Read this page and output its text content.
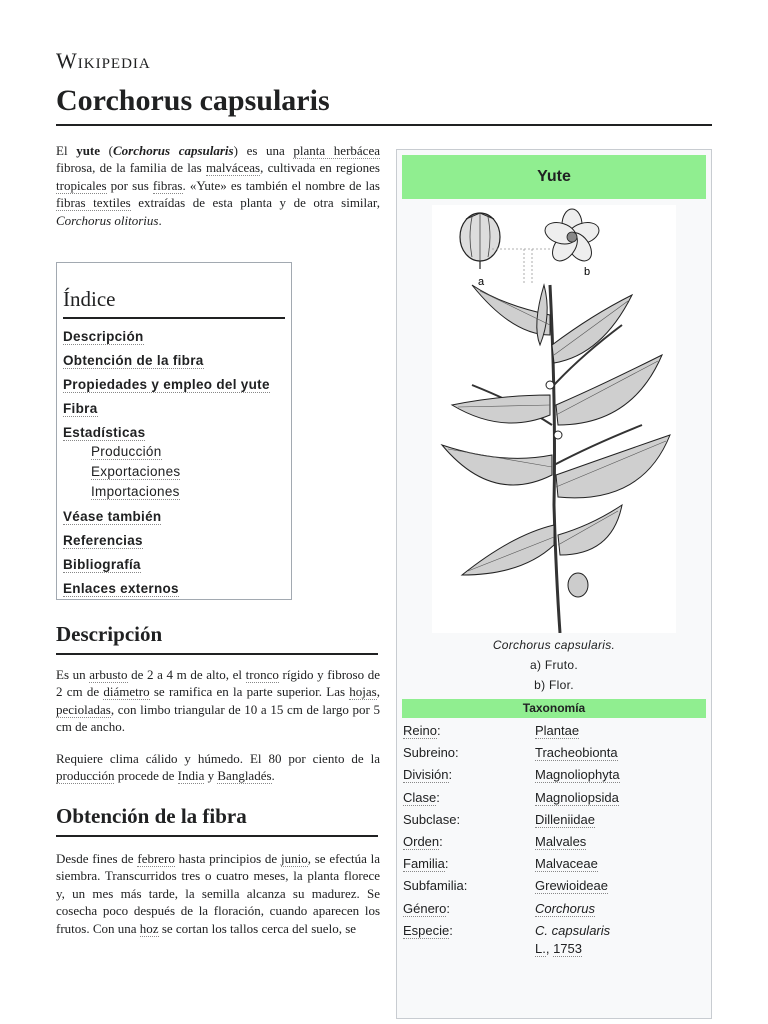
Wikipedia
Corchorus capsularis

El yute (Corchorus capsularis) es una planta herbácea fibrosa, de la familia de las malváceas, cultivada en regiones tropicales por sus fibras. «Yute» es también el nombre de las fibras textiles extraídas de esta planta y de otra similar, Corchorus olitorius.

Índice
Descripción
Obtención de la fibra
Propiedades y empleo del yute
Fibra
Estadísticas
Producción
Exportaciones
Importaciones
Véase también
Referencias
Bibliografía
Enlaces externos
Descripción

Es un arbusto de 2 a 4 m de alto, el tronco rígido y fibroso de 2 cm de diámetro se ramifica en la parte superior. Las hojas, pecioladas, con limbo triangular de 10 a 15 cm de largo por 5 cm de ancho.

Requiere clima cálido y húmedo. El 80 por ciento de la producción procede de India y Bangladés.

Obtención de la fibra

Desde fines de febrero hasta principios de junio, se efectúa la siembra. Transcurridos tres o cuatro meses, la planta florece y, un mes más tarde, la semilla alcanza su madurez. Se cosecha poco después de la floración, cuando aparecen los frutos. Con una hoz se cortan los tallos cerca del suelo, se

Yute
a
b
Corchorus capsularis.
a) Fruto.
b) Flor.
Taxonomía
Reino:	Plantae
Subreino:	Tracheobionta
División:	Magnoliophyta
Clase:	Magnoliopsida
Subclase:	Dilleniidae
Orden:	Malvales
Familia:	Malvaceae
Subfamilia:	Grewioideae
Género:	Corchorus
Especie:	C. capsularis
L., 1753
